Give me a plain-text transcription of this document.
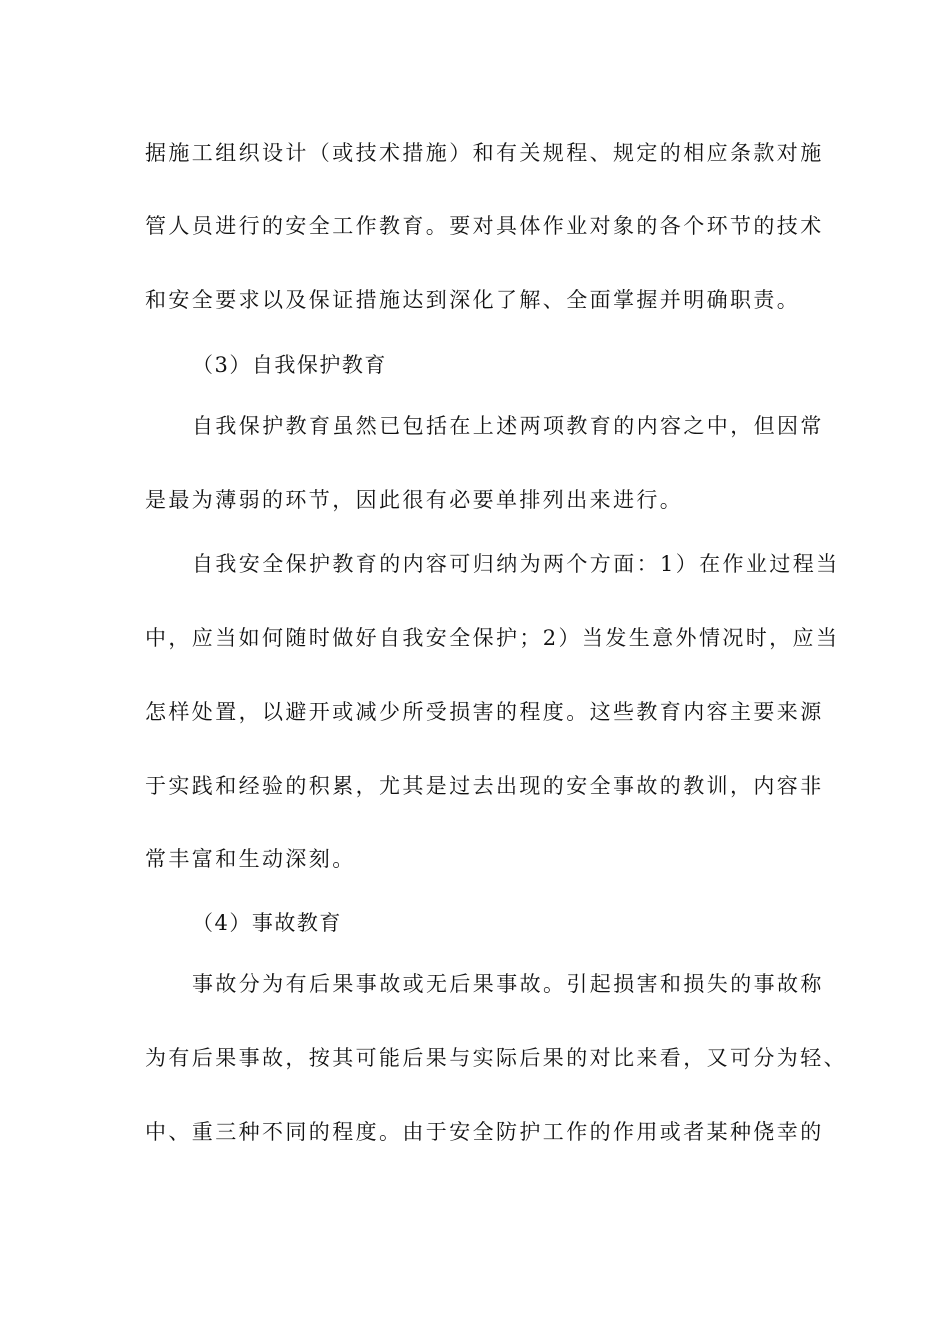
据施工组织设计（或技术措施）和有关规程、规定的相应条款对施
管人员进行的安全工作教育。要对具体作业对象的各个环节的技术
和安全要求以及保证措施达到深化了解、全面掌握并明确职责。
（3）自我保护教育
自我保护教育虽然已包括在上述两项教育的内容之中，但因常
是最为薄弱的环节，因此很有必要单排列出来进行。
自我安全保护教育的内容可归纳为两个方面：1）在作业过程当
中，应当如何随时做好自我安全保护；2）当发生意外情况时，应当
怎样处置，以避开或减少所受损害的程度。这些教育内容主要来源
于实践和经验的积累，尤其是过去出现的安全事故的教训，内容非
常丰富和生动深刻。
（4）事故教育
事故分为有后果事故或无后果事故。引起损害和损失的事故称
为有后果事故，按其可能后果与实际后果的对比来看，又可分为轻、
中、重三种不同的程度。由于安全防护工作的作用或者某种侥幸的
